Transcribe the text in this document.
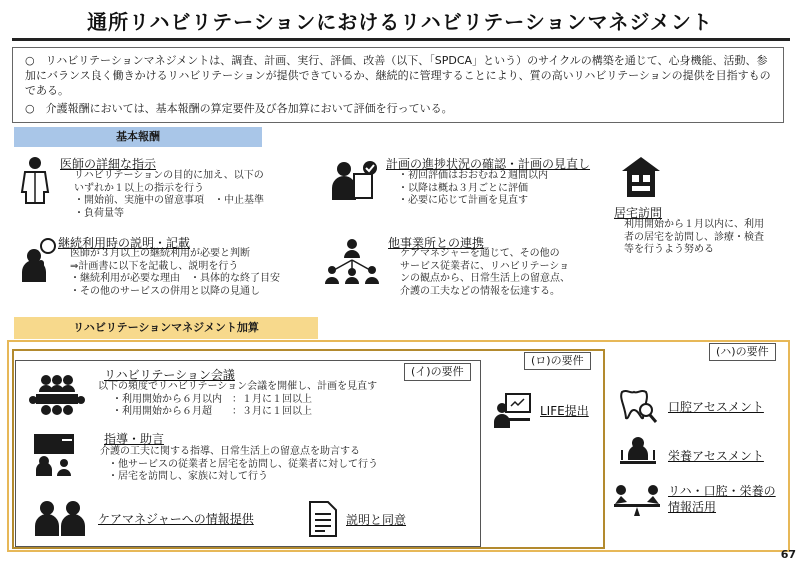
通所リハビリテーションにおけるリハビリテーションマネジメント

○　リハビリテーションマネジメントは、調査、計画、実行、評価、改善（以下、「SPDCA」という）のサイクルの構築を通じて、心身機能、活動、参加にバランス良く働きかけるリハビリテーションが提供できているか、継続的に管理することにより、質の高いリハビリテーションの提供を目指すものである。

○　介護報酬においては、基本報酬の算定要件及び各加算において評価を行っている。

基本報酬
医師の詳細な指示
リハビリテーションの目的に加え、以下の
いずれか１以上の指示を行う
・開始前、実施中の留意事項　・中止基準
・負荷量等
計画の進捗状況の確認・計画の見直し
・初回評価はおおむね２週間以内
・以降は概ね３月ごとに評価
・必要に応じて計画を見直す
居宅訪問
利用開始から１月以内に、利用
者の居宅を訪問し、診療・検査
等を行うよう努める
継続利用時の説明・記載
医師が３月以上の継続利用が必要と判断
⇒計画書に以下を記載し、説明を行う
・継続利用が必要な理由　・具体的な終了目安
・その他のサービスの併用と以降の見通し
他事業所との連携
ケアマネジャーを通じて、その他の
サービス従業者に、リハビリテーショ
ンの観点から、日常生活上の留意点、
介護の工夫などの情報を伝達する。
リハビリテーションマネジメント加算
(ハ)の要件
(ロ)の要件
(イ)の要件
リハビリテーション会議
以下の頻度でリハビリテーション会議を開催し、計画を見直す
・利用開始から６月以内　：１月に１回以上
・利用開始から６月超　　：３月に１回以上
指導・助言
介護の工夫に関する指導、日常生活上の留意点を助言する
・他サービスの従業者と居宅を訪問し、従業者に対して行う
・居宅を訪問し、家族に対して行う
ケアマネジャーへの情報提供	説明と同意
LIFE提出	口腔アセスメント
栄養アセスメント
リハ・口腔・栄養の
情報活用
67
